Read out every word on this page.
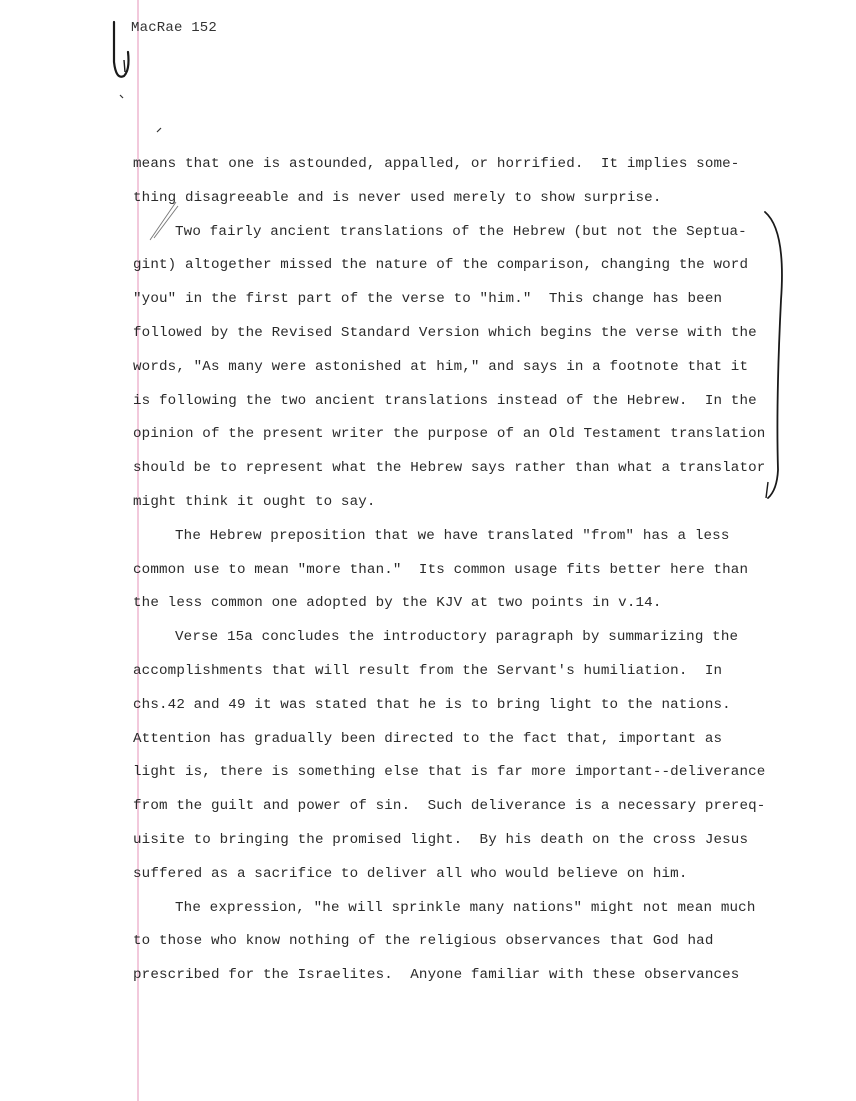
MacRae 152
means that one is astounded, appalled, or horrified.  It implies some-
thing disagreeable and is never used merely to show surprise.
Two fairly ancient translations of the Hebrew (but not the Septua-
gint) altogether missed the nature of the comparison, changing the word
"you" in the first part of the verse to "him."  This change has been
followed by the Revised Standard Version which begins the verse with the
words, "As many were astonished at him," and says in a footnote that it
is following the two ancient translations instead of the Hebrew.  In the
opinion of the present writer the purpose of an Old Testament translation
should be to represent what the Hebrew says rather than what a translator
might think it ought to say.
The Hebrew preposition that we have translated "from" has a less
common use to mean "more than."  Its common usage fits better here than
the less common one adopted by the KJV at two points in v.14.
Verse 15a concludes the introductory paragraph by summarizing the
accomplishments that will result from the Servant's humiliation.  In
chs.42 and 49 it was stated that he is to bring light to the nations.
Attention has gradually been directed to the fact that, important as
light is, there is something else that is far more important--deliverance
from the guilt and power of sin.  Such deliverance is a necessary prereq-
uisite to bringing the promised light.  By his death on the cross Jesus
suffered as a sacrifice to deliver all who would believe on him.
The expression, "he will sprinkle many nations" might not mean much
to those who know nothing of the religious observances that God had
prescribed for the Israelites.  Anyone familiar with these observances
